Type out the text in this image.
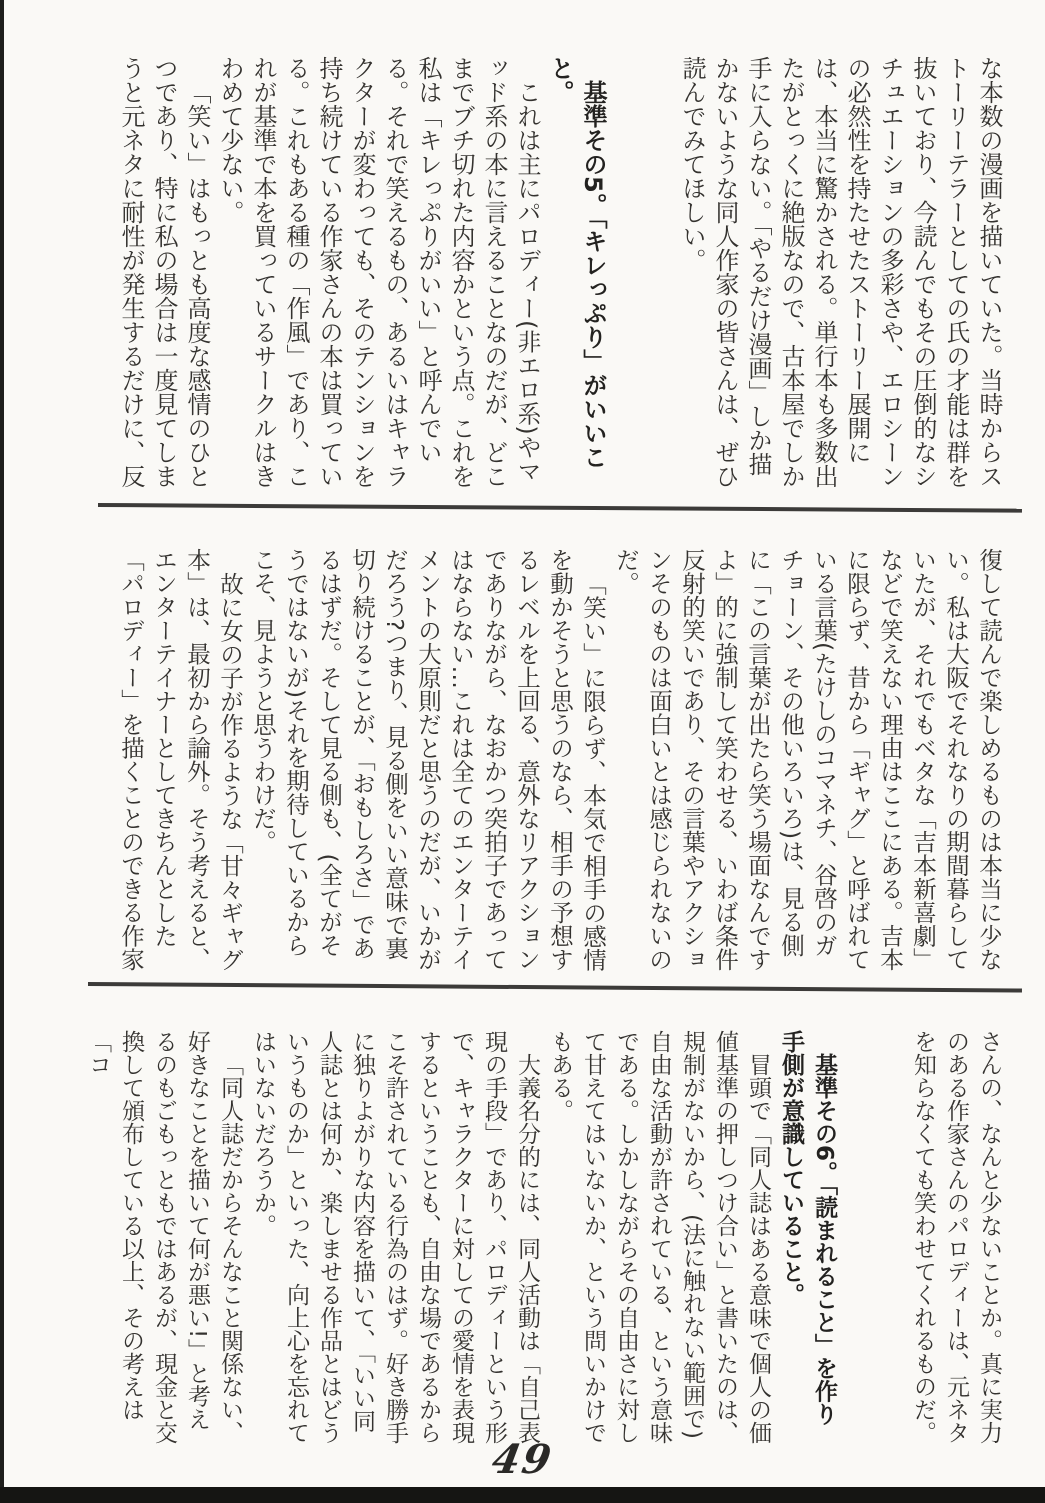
な本数の漫画を描いていた。当時からストーリーテラーとしての氏の才能は群を抜いており、今読んでもその圧倒的なシチュエーションの多彩さや、エロシーンの必然性を持たせたストーリー展開には、本当に驚かされる。単行本も多数出たがとっくに絶版なので、古本屋でしか手に入らない。「やるだけ漫画」しか描かないような同人作家の皆さんは、ぜひ読んでみてほしい。

基準その5。「キレっぷり」がいいこと。

これは主にパロディー(非エロ系)やマッド系の本に言えることなのだが、どこまでブチ切れた内容かという点。これを私は「キレっぷりがいい」と呼んでいる。それで笑えるもの、あるいはキャラクターが変わっても、そのテンションを持ち続けている作家さんの本は買っている。これもある種の「作風」であり、これが基準で本を買っているサークルはきわめて少ない。

「笑い」はもっとも高度な感情のひとつであり、特に私の場合は一度見てしまうと元ネタに耐性が発生するだけに、反

復して読んで楽しめるものは本当に少ない。私は大阪でそれなりの期間暮らしていたが、それでもベタな「吉本新喜劇」などで笑えない理由はここにある。吉本に限らず、昔から「ギャグ」と呼ばれている言葉(たけしのコマネチ、谷啓のガチョーン、その他いろいろ)は、見る側に「この言葉が出たら笑う場面なんですよ」的に強制して笑わせる、いわば条件反射的笑いであり、その言葉やアクションそのものは面白いとは感じられないのだ。

「笑い」に限らず、本気で相手の感情を動かそうと思うのなら、相手の予想するレベルを上回る、意外なリアクションでありながら、なおかつ突拍子であってはならない…これは全てのエンターテイメントの大原則だと思うのだが、いかがだろう?つまり、見る側をいい意味で裏切り続けることが、「おもしろさ」であるはずだ。そして見る側も、(全てがそうではないが)それを期待しているからこそ、見ようと思うわけだ。

故に女の子が作るような「甘々ギャグ本」は、最初から論外。そう考えると、エンターテイナーとしてきちんとした「パロディー」を描くことのできる作家

さんの、なんと少ないことか。真に実力のある作家さんのパロディーは、元ネタを知らなくても笑わせてくれるものだ。

基準その6。「読まれること」を作り手側が意識していること。

冒頭で「同人誌はある意味で個人の価値基準の押しつけ合い」と書いたのは、規制がないから、(法に触れない範囲で)自由な活動が許されている、という意味である。しかしながらその自由さに対して甘えてはいないか、という問いかけでもある。

大義名分的には、同人活動は「自己表現の手段」であり、パロディーという形で、キャラクターに対しての愛情を表現するということも、自由な場であるからこそ許されている行為のはず。好き勝手に独りよがりな内容を描いて、「いい同人誌とは何か、楽しませる作品とはどういうものか」といった、向上心を忘れてはいないだろうか。

「同人誌だからそんなこと関係ない、好きなことを描いて何が悪い!」と考えるのもごもっともではあるが、現金と交換して頒布している以上、その考えは「コ

49
